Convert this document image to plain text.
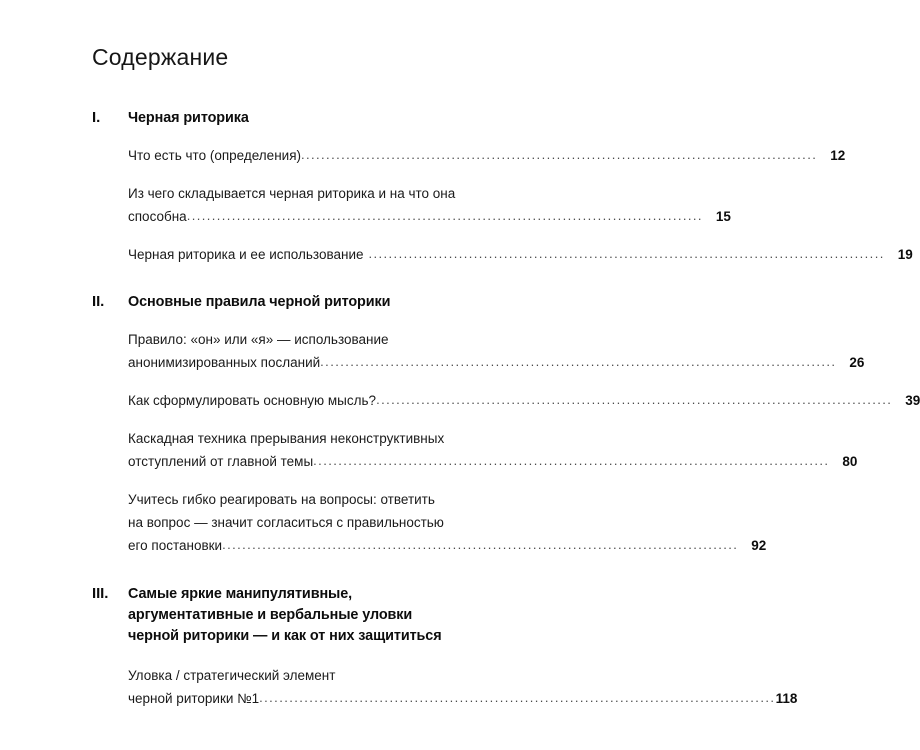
Содержание
I.	Черная риторика
Что есть что (определения) ....................................................................................................... 12
Из чего складывается черная риторика и на что она
способна ....................................................................................................... 15
Черная риторика и ее использование ....................................................................................................... 19
II.	Основные правила черной риторики
Правило: «он» или «я» — использование
анонимизированных посланий ....................................................................................................... 26
Как сформулировать основную мысль? ....................................................................................................... 39
Каскадная техника прерывания неконструктивных
отступлений от главной темы ....................................................................................................... 80
Учитесь гибко реагировать на вопросы: ответить
на вопрос — значит согласиться с правильностью
его постановки ....................................................................................................... 92
III.	Самые яркие манипулятивные,
аргументативные и вербальные уловки
черной риторики — и как от них защититься
Уловка / стратегический элемент
черной риторики №1 ....................................................................................................... 118
